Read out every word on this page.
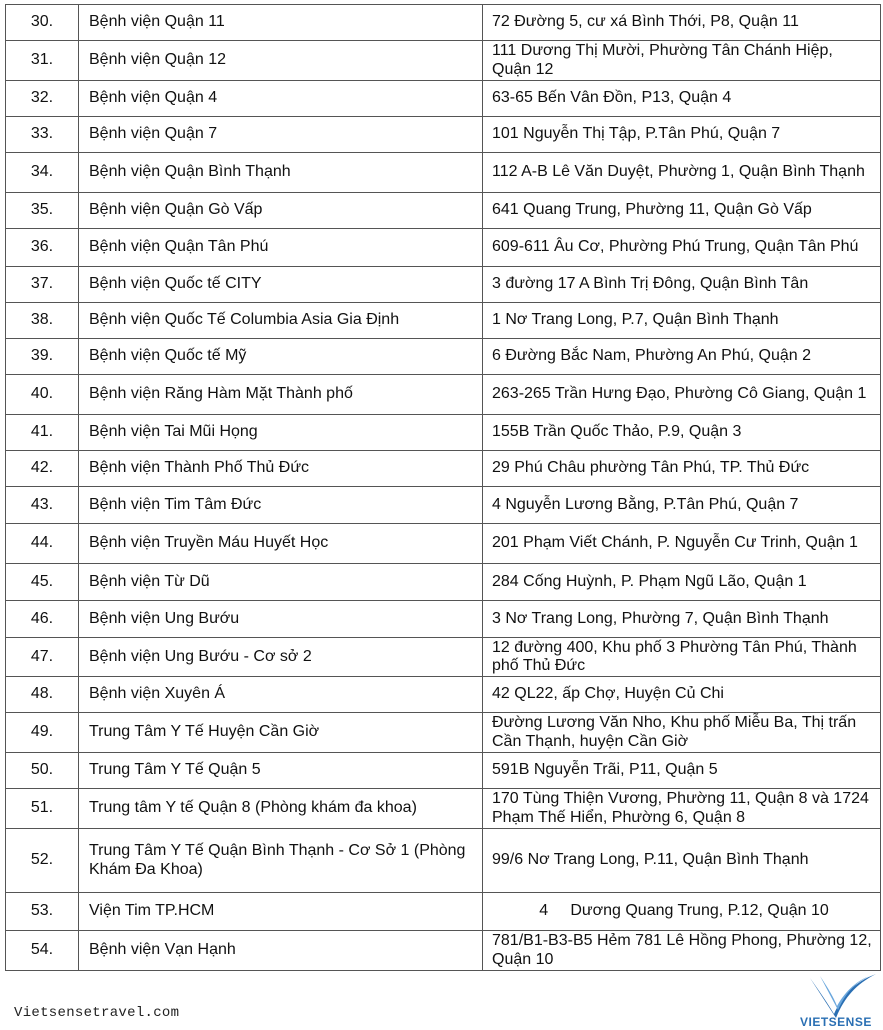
30.	Bệnh viện Quận 11	72 Đường 5, cư xá Bình Thới, P8, Quận 11
31.	Bệnh viện Quận 12	111 Dương Thị Mười, Phường Tân Chánh Hiệp, Quận 12
32.	Bệnh viện Quận 4	63-65 Bến Vân Đồn, P13, Quận 4
33.	Bệnh viện Quận 7	101 Nguyễn Thị Tập, P.Tân Phú, Quận 7
34.	Bệnh viện Quận Bình Thạnh	112 A-B Lê Văn Duyệt, Phường 1, Quận Bình Thạnh
35.	Bệnh viện Quận Gò Vấp	641 Quang Trung, Phường 11, Quận Gò Vấp
36.	Bệnh viện Quận Tân Phú	609-611 Âu Cơ, Phường Phú Trung, Quận Tân Phú
37.	Bệnh viện Quốc tế CITY	3 đường 17 A Bình Trị Đông, Quận Bình Tân
38.	Bệnh viện Quốc Tế Columbia Asia Gia Định	1 Nơ Trang Long, P.7, Quận Bình Thạnh
39.	Bệnh viện Quốc tế Mỹ	6 Đường Bắc Nam, Phường An Phú, Quận 2
40.	Bệnh viện Răng Hàm Mặt Thành phố	263-265 Trần Hưng Đạo, Phường Cô Giang, Quận 1
41.	Bệnh viện Tai Mũi Họng	155B Trần Quốc Thảo, P.9, Quận 3
42.	Bệnh viện Thành Phố Thủ Đức	29 Phú Châu phường Tân Phú, TP. Thủ Đức
43.	Bệnh viện Tim Tâm Đức	4 Nguyễn Lương Bằng, P.Tân Phú, Quận 7
44.	Bệnh viện Truyền Máu Huyết Học	201 Phạm Viết Chánh, P. Nguyễn Cư Trinh, Quận 1
45.	Bệnh viện Từ Dũ	284 Cống Huỳnh, P. Phạm Ngũ Lão, Quận 1
46.	Bệnh viện Ung Bướu	3 Nơ Trang Long, Phường 7, Quận Bình Thạnh
47.	Bệnh viện Ung Bướu - Cơ sở 2	12 đường 400, Khu phố 3 Phường Tân Phú, Thành phố Thủ Đức
48.	Bệnh viện Xuyên Á	42 QL22, ấp Chợ, Huyện Củ Chi
49.	Trung Tâm Y Tế Huyện Cần Giờ	Đường Lương Văn Nho, Khu phố Miễu Ba, Thị trấn Cần Thạnh, huyện Cần Giờ
50.	Trung Tâm Y Tế Quận 5	591B Nguyễn Trãi, P11, Quận 5
51.	Trung tâm Y tế Quận 8 (Phòng khám đa khoa)	170 Tùng Thiện Vương, Phường 11, Quận 8 và 1724 Phạm Thế Hiển, Phường 6, Quận 8
52.	Trung Tâm Y Tế Quận Bình Thạnh - Cơ Sở 1 (Phòng Khám Đa Khoa)	99/6 Nơ Trang Long, P.11, Quận Bình Thạnh
53.	Viện Tim TP.HCM	4     Dương Quang Trung, P.12, Quận 10
54.	Bệnh viện Vạn Hạnh	781/B1-B3-B5 Hẻm 781 Lê Hồng Phong, Phường 12, Quận 10
Vietsensetravel.com
VIETSENSE
